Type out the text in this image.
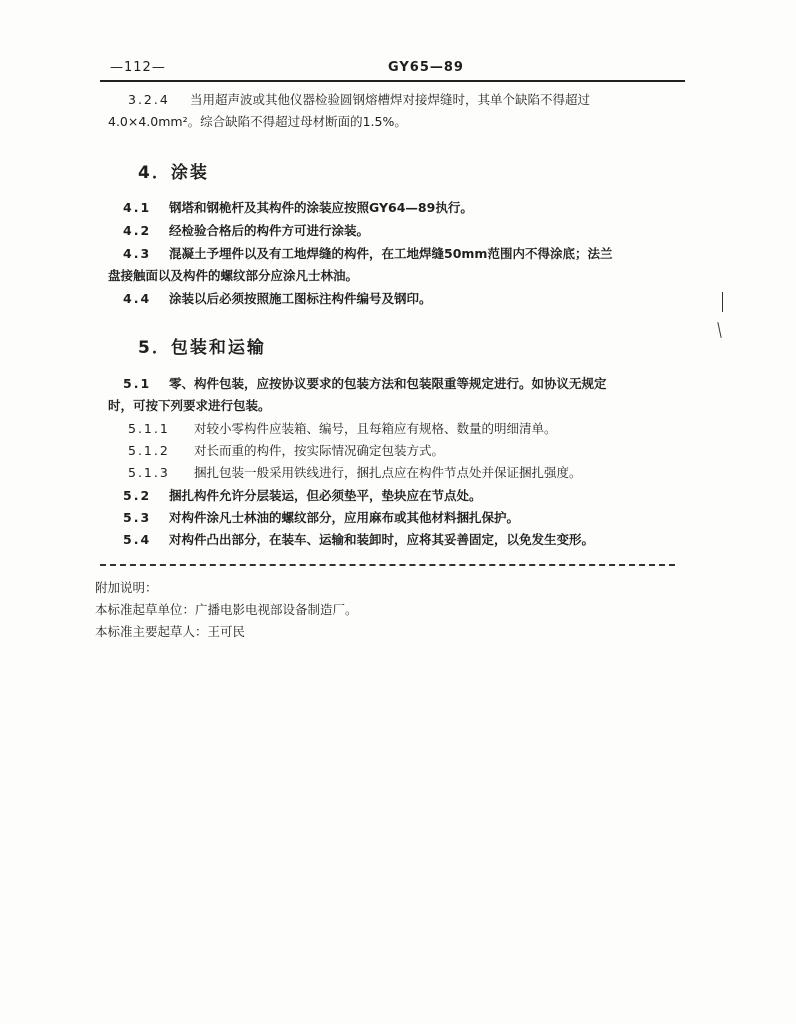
—112—	GY65—89
3.2.4 当用超声波或其他仪器检验圆钢熔槽焊对接焊缝时，其单个缺陷不得超过
4.0×4.0mm²。综合缺陷不得超过母材断面的1.5%。
4．涂装
4.1 钢塔和钢桅杆及其构件的涂装应按照GY64—89执行。
4.2 经检验合格后的构件方可进行涂装。
4.3 混凝土予埋件以及有工地焊缝的构件，在工地焊缝50mm范围内不得涂底；法兰
盘接触面以及构件的螺纹部分应涂凡士林油。
4.4 涂装以后必须按照施工图标注构件编号及钢印。
5．包装和运输
5.1 零、构件包装，应按协议要求的包装方法和包装限重等规定进行。如协议无规定
时，可按下列要求进行包装。
5.1.1 对较小零构件应装箱、编号，且每箱应有规格、数量的明细清单。
5.1.2 对长而重的构件，按实际情况确定包装方式。
5.1.3 捆扎包装一般采用铁线进行，捆扎点应在构件节点处并保证捆扎强度。
5.2 捆扎构件允许分层装运，但必须垫平，垫块应在节点处。
5.3 对构件涂凡士林油的螺纹部分，应用麻布或其他材料捆扎保护。
5.4 对构件凸出部分，在装车、运输和装卸时，应将其妥善固定，以免发生变形。
附加说明：
本标准起草单位：广播电影电视部设备制造厂。
本标准主要起草人：王可民
